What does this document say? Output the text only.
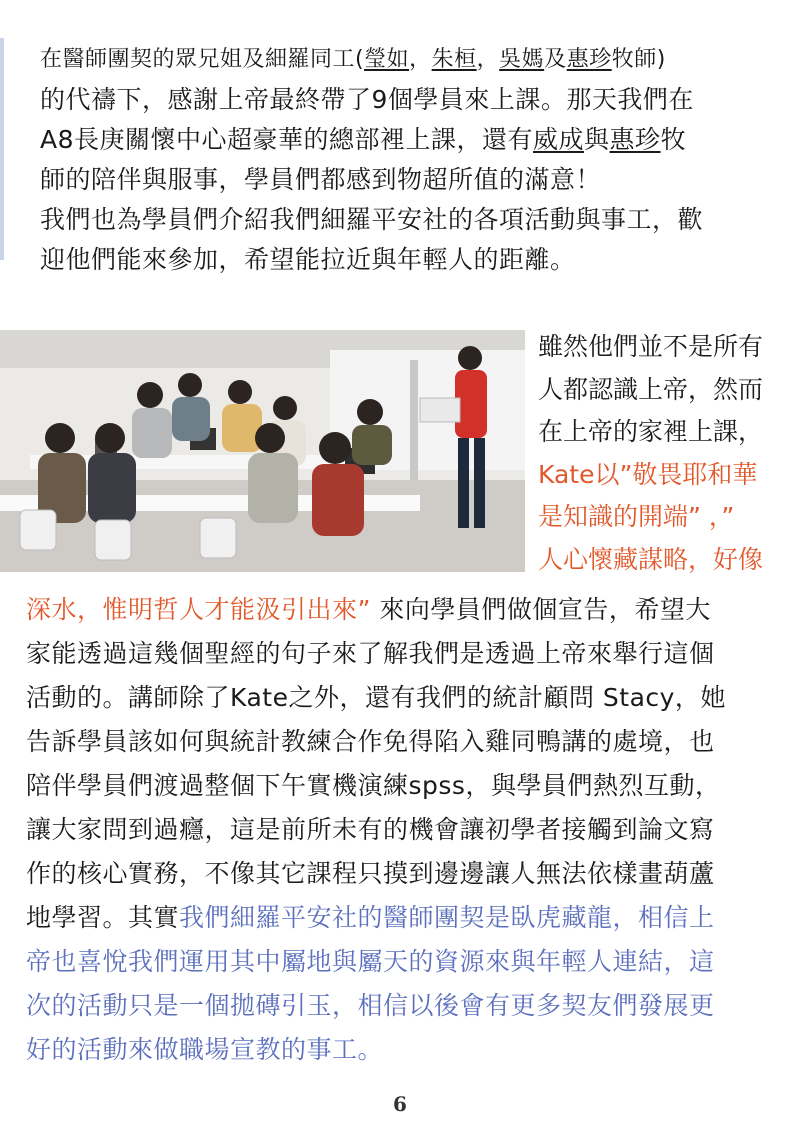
在醫師團契的眾兄姐及細羅同工(瑩如，朱桓，吳媽及惠珍牧師)
的代禱下，感謝上帝最終帶了9個學員來上課。那天我們在
A8長庚關懷中心超豪華的總部裡上課，還有威成與惠珍牧
師的陪伴與服事，學員們都感到物超所值的滿意！
我們也為學員們介紹我們細羅平安社的各項活動與事工，歡
迎他們能來參加，希望能拉近與年輕人的距離。
雖然他們並不是所有
人都認識上帝，然而
在上帝的家裡上課，
Kate以”敬畏耶和華
是知識的開端” ，”
人心懷藏謀略，好像
深水，惟明哲人才能汲引出來” 來向學員們做個宣告，希望大
家能透過這幾個聖經的句子來了解我們是透過上帝來舉行這個
活動的。講師除了Kate之外，還有我們的統計顧問 Stacy，她
告訴學員該如何與統計教練合作免得陷入雞同鴨講的處境，也
陪伴學員們渡過整個下午實機演練spss，與學員們熱烈互動，
讓大家問到過癮，這是前所未有的機會讓初學者接觸到論文寫
作的核心實務，不像其它課程只摸到邊邊讓人無法依樣畫葫蘆
地學習。其實我們細羅平安社的醫師團契是臥虎藏龍，相信上
帝也喜悅我們運用其中屬地與屬天的資源來與年輕人連結，這
次的活動只是一個拋磚引玉，相信以後會有更多契友們發展更
好的活動來做職場宣教的事工。
6
